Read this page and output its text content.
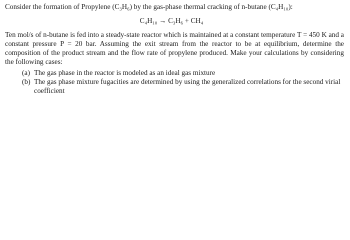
Consider the formation of Propylene (C₃H₆) by the gas-phase thermal cracking of n-butane (C₄H₁₀):

C₄H₁₀ → C₃H₆ + CH₄

Ten mol/s of n-butane is fed into a steady-state reactor which is maintained at a constant temperature T = 450 K and a constant pressure P = 20 bar. Assuming the exit stream from the reactor to be at equilibrium, determine the composition of the product stream and the flow rate of propylene produced. Make your calculations by considering the following cases:

(a) The gas phase in the reactor is modeled as an ideal gas mixture
(b) The gas phase mixture fugacities are determined by using the generalized correlations for the second virial coefficient
